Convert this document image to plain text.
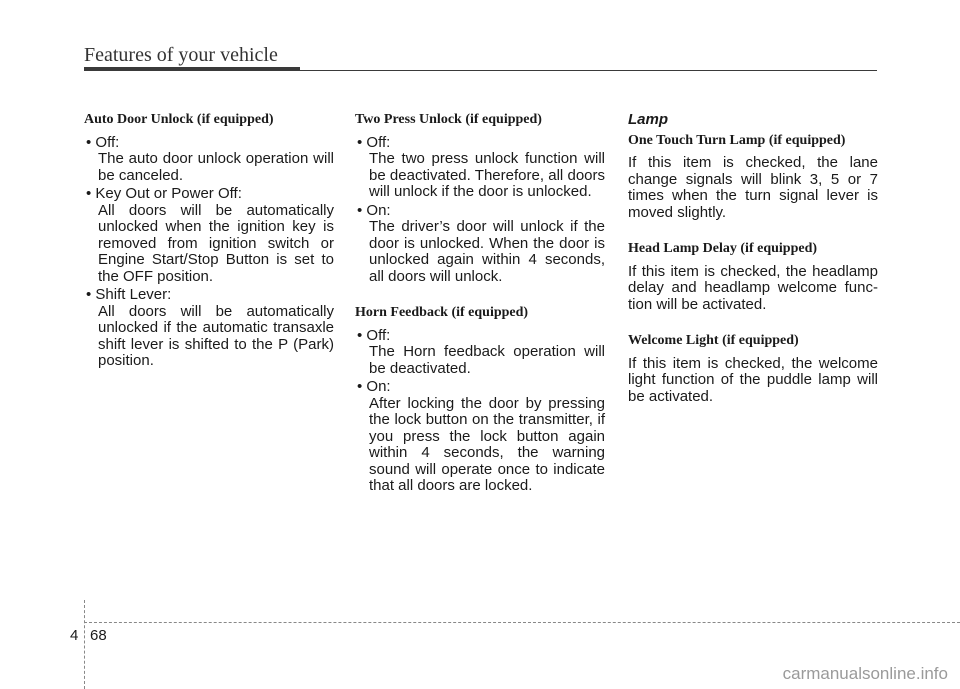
Features of your vehicle
Auto Door Unlock (if equipped)
• Off:
The auto door unlock operation will be canceled.
• Key Out or Power Off:
All doors will be automatically unlocked when the ignition key is removed from ignition switch or Engine Start/Stop Button is set to the OFF position.
• Shift Lever:
All doors will be automatically unlocked if the automatic transaxle shift lever is shifted to the P (Park) position.
Two Press Unlock (if equipped)
• Off:
The two press unlock function will be deactivated. Therefore, all doors will unlock if the door is unlocked.
• On:
The driver’s door will unlock if the door is unlocked. When the door is unlocked again within 4 seconds, all doors will unlock.
Horn Feedback (if equipped)
• Off:
The Horn feedback operation will be deactivated.
• On:
After locking the door by pressing the lock button on the transmitter, if you press the lock button again within 4 seconds, the warning sound will operate once to indicate that all doors are locked.
Lamp
One Touch Turn Lamp (if equipped)
If this item is checked, the lane change signals will blink 3, 5 or 7 times when the turn signal lever is moved slightly.
Head Lamp Delay (if equipped)
If this item is checked, the headlamp delay and headlamp welcome func-tion will be activated.
Welcome Light (if equipped)
If this item is checked, the welcome light function of the puddle lamp will be activated.
4 68
carmanualsonline.info
